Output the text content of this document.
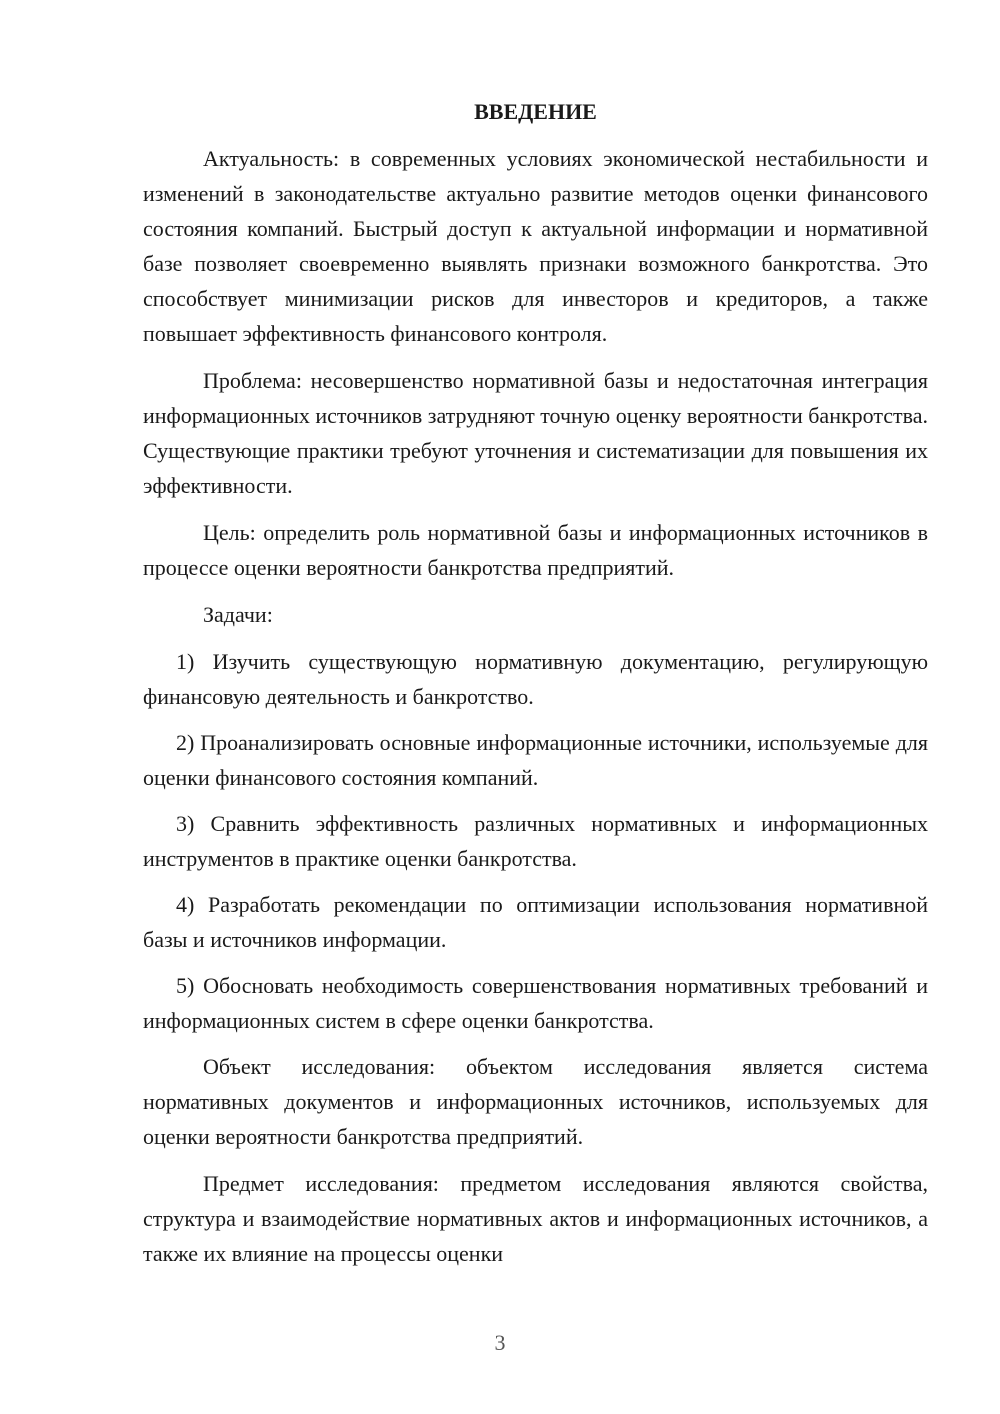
ВВЕДЕНИЕ

Актуальность: в современных условиях экономической нестабильности и изменений в законодательстве актуально развитие методов оценки финансового состояния компаний. Быстрый доступ к актуальной информации и нормативной базе позволяет своевременно выявлять признаки возможного банкротства. Это способствует минимизации рисков для инвесторов и кредиторов, а также повышает эффективность финансового контроля.

Проблема: несовершенство нормативной базы и недостаточная интеграция информационных источников затрудняют точную оценку вероятности банкротства. Существующие практики требуют уточнения и систематизации для повышения их эффективности.

Цель: определить роль нормативной базы и информационных источников в процессе оценки вероятности банкротства предприятий.

Задачи:

1) Изучить существующую нормативную документацию, регулирующую финансовую деятельность и банкротство.

2) Проанализировать основные информационные источники, используемые для оценки финансового состояния компаний.

3) Сравнить эффективность различных нормативных и информационных инструментов в практике оценки банкротства.

4) Разработать рекомендации по оптимизации использования нормативной базы и источников информации.

5) Обосновать необходимость совершенствования нормативных требований и информационных систем в сфере оценки банкротства.

Объект исследования: объектом исследования является система нормативных документов и информационных источников, используемых для оценки вероятности банкротства предприятий.

Предмет исследования: предметом исследования являются свойства, структура и взаимодействие нормативных актов и информационных источников, а также их влияние на процессы оценки

3
